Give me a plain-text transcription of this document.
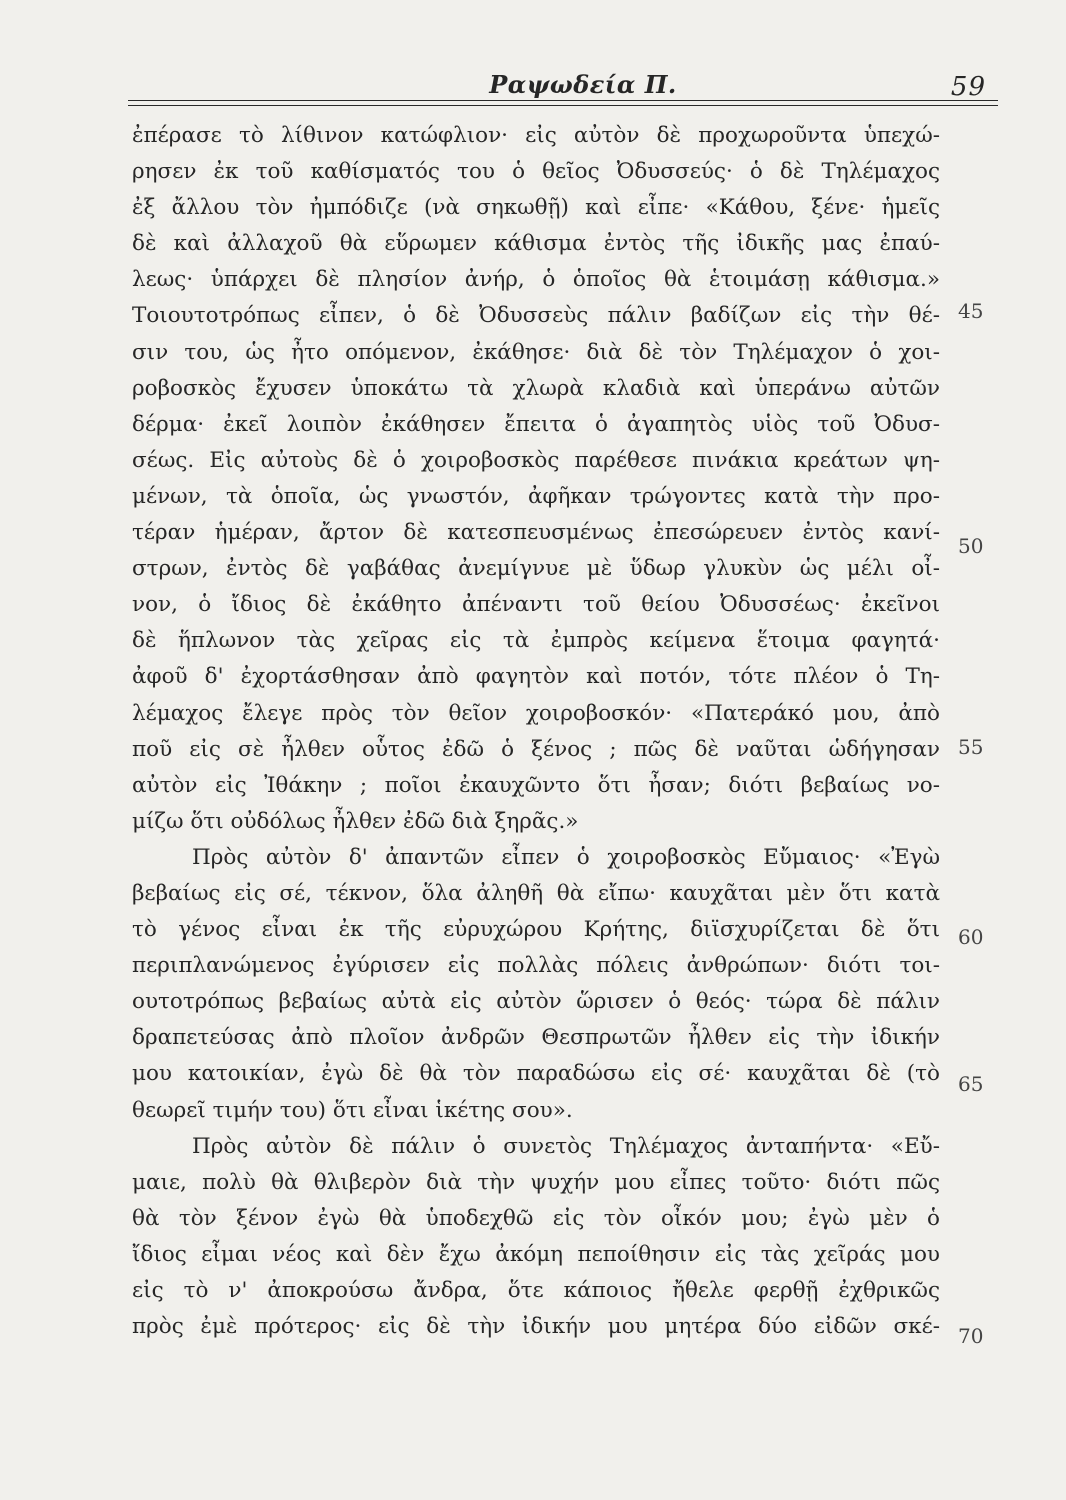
Ραψωδεία Π.	59
ἐπέρασε τὸ λίθινον κατώφλιον· εἰς αὐτὸν δὲ προχωροῦντα ὑπεχώ-
ρησεν ἐκ τοῦ καθίσματός του ὁ θεῖος Ὀδυσσεύς· ὁ δὲ Τηλέμαχος
ἐξ ἄλλου τὸν ἠμπόδιζε (νὰ σηκωθῇ) καὶ εἶπε· «Κάθου, ξένε· ἡμεῖς
δὲ καὶ ἀλλαχοῦ θὰ εὕρωμεν κάθισμα ἐντὸς τῆς ἰδικῆς μας ἐπαύ-
λεως· ὑπάρχει δὲ πλησίον ἀνήρ, ὁ ὁποῖος θὰ ἑτοιμάσῃ κάθισμα.»
Τοιουτοτρόπως εἶπεν, ὁ δὲ Ὀδυσσεὺς πάλιν βαδίζων εἰς τὴν θέ-
σιν του, ὡς ἦτο οπόμενον, ἐκάθησε· διὰ δὲ τὸν Τηλέμαχον ὁ χοι-
ροβοσκὸς ἔχυσεν ὑποκάτω τὰ χλωρὰ κλαδιὰ καὶ ὑπεράνω αὐτῶν
δέρμα· ἐκεῖ λοιπὸν ἐκάθησεν ἔπειτα ὁ ἀγαπητὸς υἱὸς τοῦ Ὀδυσ-
σέως. Εἰς αὐτοὺς δὲ ὁ χοιροβοσκὸς παρέθεσε πινάκια κρεάτων ψη-
μένων, τὰ ὁποῖα, ὡς γνωστόν, ἀφῆκαν τρώγοντες κατὰ τὴν προ-
τέραν ἡμέραν, ἄρτον δὲ κατεσπευσμένως ἐπεσώρευεν ἐντὸς κανί-
στρων, ἐντὸς δὲ γαβάθας ἀνεμίγνυε μὲ ὕδωρ γλυκὺν ὡς μέλι οἶ-
νον, ὁ ἴδιος δὲ ἐκάθητο ἀπέναντι τοῦ θείου Ὀδυσσέως· ἐκεῖνοι
δὲ ἥπλωνον τὰς χεῖρας εἰς τὰ ἐμπρὸς κείμενα ἕτοιμα φαγητά·
ἀφοῦ δ' ἐχορτάσθησαν ἀπὸ φαγητὸν καὶ ποτόν, τότε πλέον ὁ Τη-
λέμαχος ἔλεγε πρὸς τὸν θεῖον χοιροβοσκόν· «Πατεράκό μου, ἀπὸ
ποῦ εἰς σὲ ἦλθεν οὗτος ἐδῶ ὁ ξένος ; πῶς δὲ ναῦται ὡδήγησαν
αὐτὸν εἰς Ἰθάκην ; ποῖοι ἐκαυχῶντο ὅτι ἦσαν; διότι βεβαίως νο-
μίζω ὅτι οὐδόλως ἦλθεν ἐδῶ διὰ ξηρᾶς.»
Πρὸς αὐτὸν δ' ἀπαντῶν εἶπεν ὁ χοιροβοσκὸς Εὔμαιος· «Ἐγὼ
βεβαίως εἰς σέ, τέκνον, ὅλα ἀληθῆ θὰ εἴπω· καυχᾶται μὲν ὅτι κατὰ
τὸ γένος εἶναι ἐκ τῆς εὐρυχώρου Κρήτης, διϊσχυρίζεται δὲ ὅτι
περιπλανώμενος ἐγύρισεν εἰς πολλὰς πόλεις ἀνθρώπων· διότι τοι-
ουτοτρόπως βεβαίως αὐτὰ εἰς αὐτὸν ὥρισεν ὁ θεός· τώρα δὲ πάλιν
δραπετεύσας ἀπὸ πλοῖον ἀνδρῶν Θεσπρωτῶν ἦλθεν εἰς τὴν ἰδικήν
μου κατοικίαν, ἐγὼ δὲ θὰ τὸν παραδώσω εἰς σέ· καυχᾶται δὲ (τὸ
θεωρεῖ τιμήν του) ὅτι εἶναι ἱκέτης σου».
Πρὸς αὐτὸν δὲ πάλιν ὁ συνετὸς Τηλέμαχος ἀνταπήντα· «Εὔ-
μαιε, πολὺ θὰ θλιβερὸν διὰ τὴν ψυχήν μου εἶπες τοῦτο· διότι πῶς
θὰ τὸν ξένον ἐγὼ θὰ ὑποδεχθῶ εἰς τὸν οἶκόν μου; ἐγὼ μὲν ὁ
ἴδιος εἶμαι νέος καὶ δὲν ἔχω ἀκόμη πεποίθησιν εἰς τὰς χεῖράς μου
εἰς τὸ ν' ἀποκρούσω ἄνδρα, ὅτε κάποιος ἤθελε φερθῇ ἐχθρικῶς
πρὸς ἐμὲ πρότερος· εἰς δὲ τὴν ἰδικήν μου μητέρα δύο εἰδῶν σκέ-
45
50
55
60
65
70
